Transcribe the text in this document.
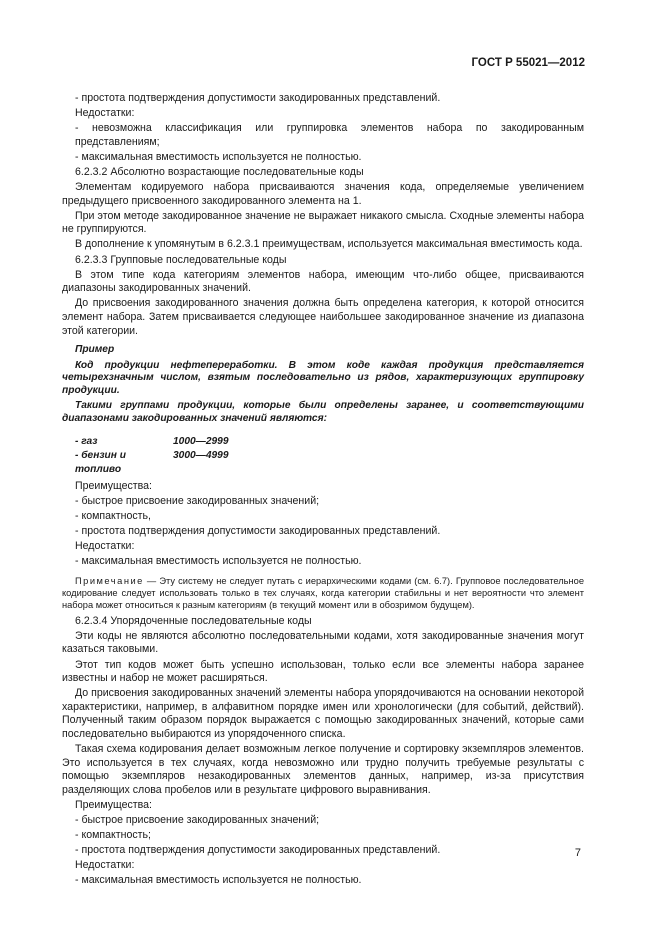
ГОСТ Р 55021—2012
- простота подтверждения допустимости закодированных представлений.
Недостатки:
- невозможна классификация или группировка элементов набора по закодированным представлениям;
- максимальная вместимость используется не полностью.
6.2.3.2 Абсолютно возрастающие последовательные коды
Элементам кодируемого набора присваиваются значения кода, определяемые увеличением предыдущего присвоенного закодированного элемента на 1.
При этом методе закодированное значение не выражает никакого смысла. Сходные элементы набора не группируются.
В дополнение к упомянутым в 6.2.3.1 преимуществам, используется максимальная вместимость кода.
6.2.3.3 Групповые последовательные коды
В этом типе кода категориям элементов набора, имеющим что-либо общее, присваиваются диапазоны закодированных значений.
До присвоения закодированного значения должна быть определена категория, к которой относится элемент набора. Затем присваивается следующее наибольшее закодированное значение из диапазона этой категории.
Пример
Код продукции нефтепереработки. В этом коде каждая продукция представляется четырехзначным числом, взятым последовательно из рядов, характеризующих группировку продукции.
Такими группами продукции, которые были определены заранее, и соответствующими диапазонами закодированных значений являются:
- газ	1000—2999
- бензин и топливо
3000—4999
Преимущества:
- быстрое присвоение закодированных значений;
- компактность,
- простота подтверждения допустимости закодированных представлений.
Недостатки:
- максимальная вместимость используется не полностью.
Примечание — Эту систему не следует путать с иерархическими кодами (см. 6.7). Групповое последовательное кодирование следует использовать только в тех случаях, когда категории стабильны и нет вероятности что элемент набора может относиться к разным категориям (в текущий момент или в обозримом будущем).
6.2.3.4 Упорядоченные последовательные коды
Эти коды не являются абсолютно последовательными кодами, хотя закодированные значения могут казаться таковыми.
Этот тип кодов может быть успешно использован, только если все элементы набора заранее известны и набор не может расширяться.
До присвоения закодированных значений элементы набора упорядочиваются на основании некоторой характеристики, например, в алфавитном порядке имен или хронологически (для событий, действий). Полученный таким образом порядок выражается с помощью закодированных значений, которые сами последовательно выбираются из упорядоченного списка.
Такая схема кодирования делает возможным легкое получение и сортировку экземпляров элементов. Это используется в тех случаях, когда невозможно или трудно получить требуемые результаты с помощью экземпляров незакодированных элементов данных, например, из-за присутствия разделяющих слова пробелов или в результате цифрового выравнивания.
Преимущества:
- быстрое присвоение закодированных значений;
- компактность;
- простота подтверждения допустимости закодированных представлений.
Недостатки:
- максимальная вместимость используется не полностью.
7
